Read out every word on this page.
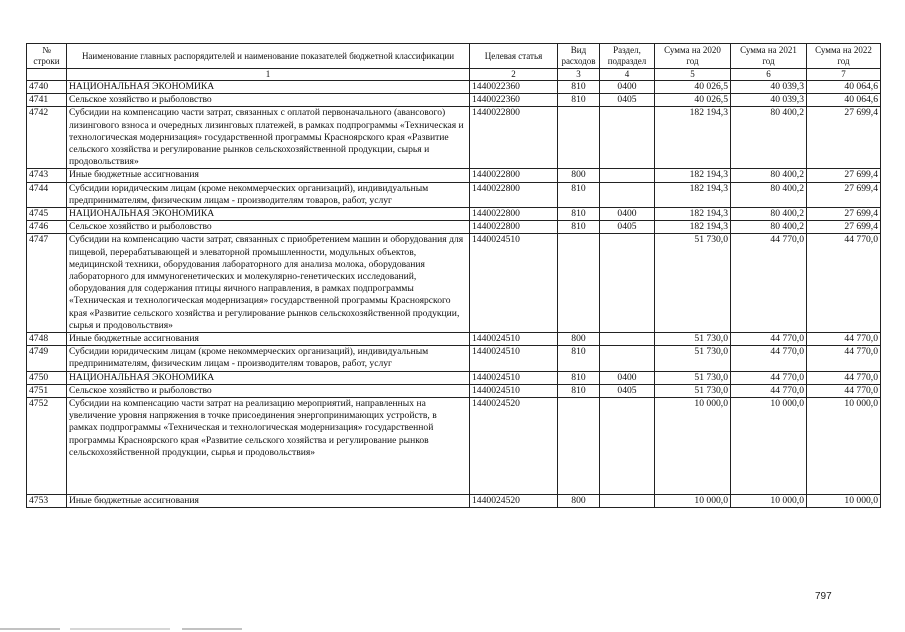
№ строки	Наименование главных распорядителей и наименование показателей бюджетной классификации	Целевая статья	Вид расходов	Раздел, подраздел	Сумма на 2020 год	Сумма на 2021 год	Сумма на 2022 год
	1	2	3	4	5	6	7
4740	НАЦИОНАЛЬНАЯ ЭКОНОМИКА	1440022360	810	0400	40 026,5	40 039,3	40 064,6
4741	Сельское хозяйство и рыболовство	1440022360	810	0405	40 026,5	40 039,3	40 064,6
4742	Субсидии на компенсацию части затрат, связанных с оплатой первоначального (авансового) лизингового взноса и очередных лизинговых платежей, в рамках подпрограммы «Техническая и технологическая модернизация» государственной программы Красноярского края «Развитие сельского хозяйства и регулирование рынков сельскохозяйственной продукции, сырья и продовольствия»	1440022800			182 194,3	80 400,2	27 699,4
4743	Иные бюджетные ассигнования	1440022800	800		182 194,3	80 400,2	27 699,4
4744	Субсидии юридическим лицам (кроме некоммерческих организаций), индивидуальным предпринимателям, физическим лицам - производителям товаров, работ, услуг	1440022800	810		182 194,3	80 400,2	27 699,4
4745	НАЦИОНАЛЬНАЯ ЭКОНОМИКА	1440022800	810	0400	182 194,3	80 400,2	27 699,4
4746	Сельское хозяйство и рыболовство	1440022800	810	0405	182 194,3	80 400,2	27 699,4
4747	Субсидии на компенсацию части затрат, связанных с приобретением машин и оборудования для пищевой, перерабатывающей и элеваторной промышленности, модульных объектов, медицинской техники, оборудования лабораторного для анализа молока, оборудования лабораторного для иммуногенетических и молекулярно-генетических исследований, оборудования для содержания птицы яичного направления, в рамках подпрограммы «Техническая и технологическая модернизация» государственной программы Красноярского края «Развитие сельского хозяйства и регулирование рынков сельскохозяйственной продукции, сырья и продовольствия»	1440024510			51 730,0	44 770,0	44 770,0
4748	Иные бюджетные ассигнования	1440024510	800		51 730,0	44 770,0	44 770,0
4749	Субсидии юридическим лицам (кроме некоммерческих организаций), индивидуальным предпринимателям, физическим лицам - производителям товаров, работ, услуг	1440024510	810		51 730,0	44 770,0	44 770,0
4750	НАЦИОНАЛЬНАЯ ЭКОНОМИКА	1440024510	810	0400	51 730,0	44 770,0	44 770,0
4751	Сельское хозяйство и рыболовство	1440024510	810	0405	51 730,0	44 770,0	44 770,0
4752	Субсидии на компенсацию части затрат на реализацию мероприятий, направленных на увеличение уровня напряжения в точке присоединения энергопринимающих устройств, в рамках подпрограммы «Техническая и технологическая модернизация» государственной программы Красноярского края «Развитие сельского хозяйства и регулирование рынков сельскохозяйственной продукции, сырья и продовольствия»	1440024520			10 000,0	10 000,0	10 000,0
4753	Иные бюджетные ассигнования	1440024520	800		10 000,0	10 000,0	10 000,0
797
